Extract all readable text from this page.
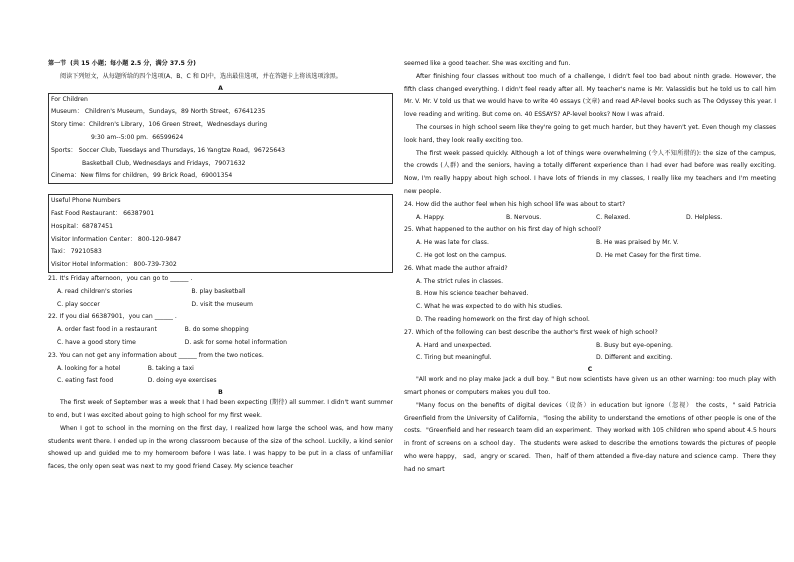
第一节 (共 15 小题；每小题 2.5 分，满分 37.5 分)

阅读下列短文，从每题所给的四个选项(A、B、C 和 D)中，选出最佳选项，并在答题卡上将该选项涂黑。

A
For Children
Museum： Children's Museum，Sundays，89 North Street，67641235
Story time：Children's Library，106 Green Street，Wednesdays during
9:30 am--5:00 pm．66599624
Sports： Soccer Club, Tuesdays and Thursdays, 16 Yangtze Road，96725643
Basketball Club, Wednesdays and Fridays，79071632
Cinema：New films for children，99 Brick Road，69001354
Useful Phone Numbers
Fast Food Restaurant： 66387901
Hospital：68787451
Visitor Information Center： 800-120-9847
Taxi： 79210583
Visitor Hotel Information： 800-739-7302
21. It's Friday afternoon，you can go to ______ .
A. read children's stories	B. play basketball
C. play soccer	D. visit the museum
22. If you dial 66387901，you can ______ .
A. order fast food in a restaurant	B. do some shopping
C. have a good story time	D. ask for some hotel information
23. You can not get any information about ______ from the two notices.
A. looking for a hotel	B. taking a taxi
C. eating fast food	D. doing eye exercises
B

The first week of September was a week that I had been expecting (期待) all summer. I didn't want summer to end, but I was excited about going to high school for my first week.

When I got to school in the morning on the first day, I realized how large the school was, and how many students went there. I ended up in the wrong classroom because of the size of the school. Luckily, a kind senior showed up and guided me to my homeroom before I was late. I was happy to be put in a class of unfamiliar faces, the only open seat was next to my good friend Casey. My science teacher

seemed like a good teacher. She was exciting and fun.

After finishing four classes without too much of a challenge, I didn't feel too bad about ninth grade. However, the fifth class changed everything. I didn't feel ready after all. My teacher's name is Mr. Valassidis but he told us to call him Mr. V. Mr. V told us that we would have to write 40 essays (文章) and read AP-level books such as The Odyssey this year. I love reading and writing. But come on. 40 ESSAYS? AP-level books? Now I was afraid.

The courses in high school seem like they're going to get much harder, but they haven't yet. Even though my classes look hard, they look really exciting too.

The first week passed quickly. Although a lot of things were overwhelming (令人不知所措的): the size of the campus, the crowds (人群) and the seniors, having a totally different experience than I had ever had before was really exciting. Now, I'm really happy about high school. I have lots of friends in my classes, I really like my teachers and I'm meeting new people.

24. How did the author feel when his high school life was about to start?
A. Happy.	B. Nervous.	C. Relaxed.	D. Helpless.
25. What happened to the author on his first day of high school?
A. He was late for class.	B. He was praised by Mr. V.
C. He got lost on the campus.	D. He met Casey for the first time.
26. What made the author afraid?
A. The strict rules in classes.
B. How his science teacher behaved.
C. What he was expected to do with his studies.
D. The reading homework on the first day of high school.
27. Which of the following can best describe the author's first week of high school?
A. Hard and unexpected.	B. Busy but eye-opening.
C. Tiring but meaningful.	D. Different and exciting.
C

"All work and no play make Jack a dull boy. " But now scientists have given us an other warning: too much play with smart phones or computers makes you dull too.

"Many focus on the benefits of digital devices（设备）in education but ignore（忽视） the costs，" said Patricia Greenfield from the University of California，"losing the ability to understand the emotions of other people is one of the costs．"Greenfield and her research team did an experiment．They worked with 105 children who spend about 4.5 hours in front of screens on a school day．The students were asked to describe the emotions towards the pictures of people who were happy， sad，angry or scared．Then，half of them attended a five-day nature and science camp．There they had no smart
